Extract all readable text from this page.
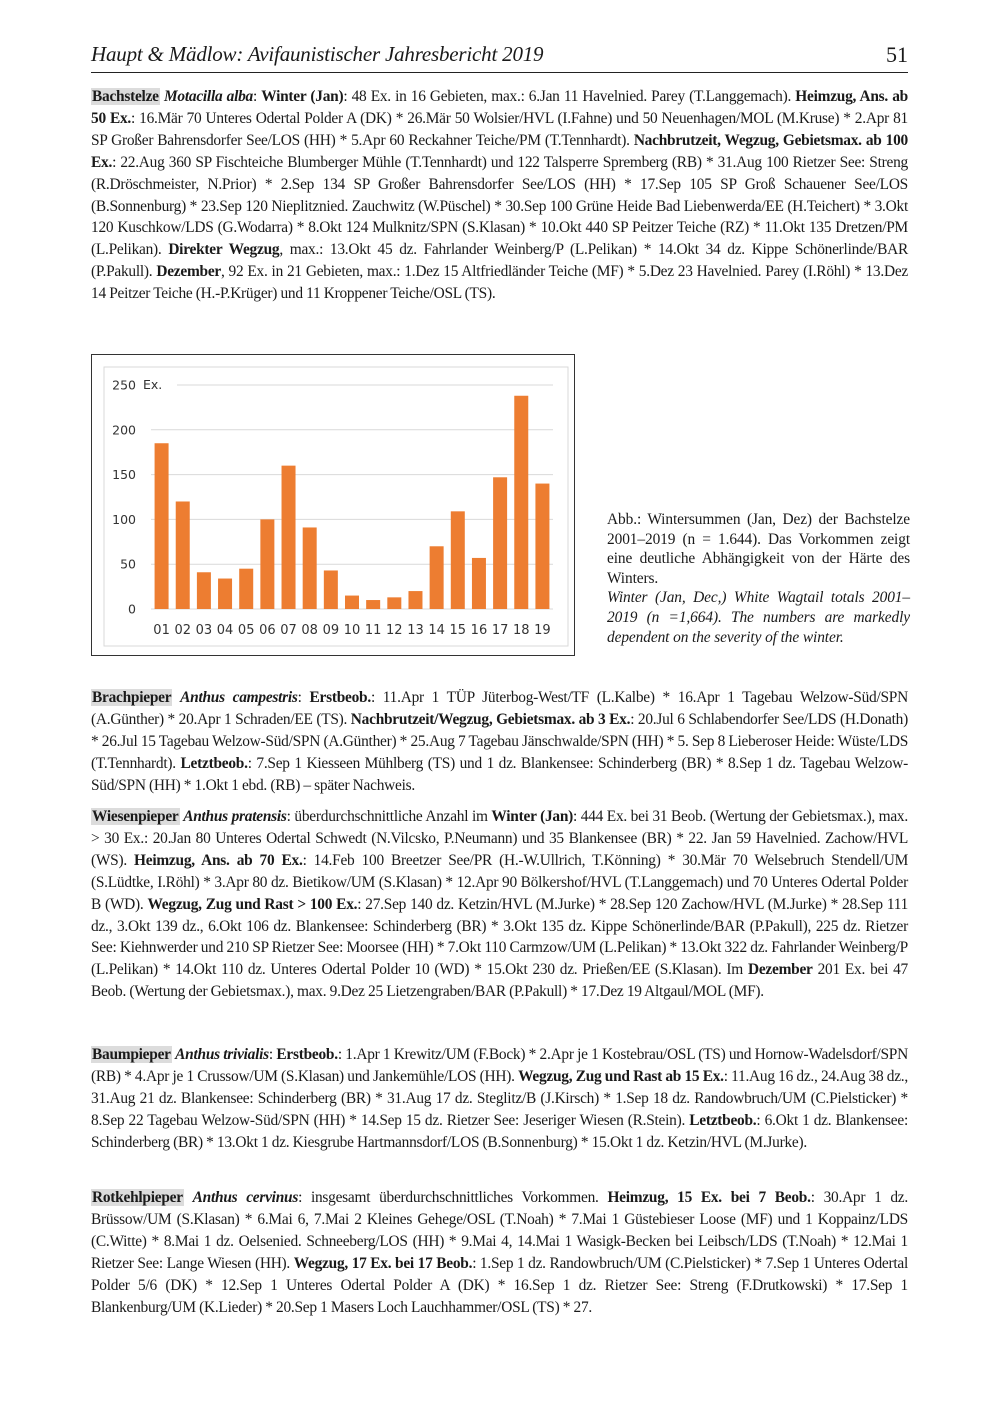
Haupt & Mädlow: Avifaunistischer Jahresbericht 2019	51

Bachstelze Motacilla alba: Winter (Jan): 48 Ex. in 16 Gebieten, max.: 6.Jan 11 Havelnied. Parey (T.Langgemach). Heimzug, Ans. ab 50 Ex.: 16.Mär 70 Unteres Odertal Polder A (DK) * 26.Mär 50 Wolsier/HVL (I.Fahne) und 50 Neuenhagen/MOL (M.Kruse) * 2.Apr 81 SP Großer Bahrensdorfer See/LOS (HH) * 5.Apr 60 Reckahner Teiche/PM (T.Tennhardt). Nachbrutzeit, Wegzug, Gebietsmax. ab 100 Ex.: 22.Aug 360 SP Fischteiche Blumberger Mühle (T.Tennhardt) und 122 Talsperre Spremberg (RB) * 31.Aug 100 Rietzer See: Streng (R.Dröschmeister, N.Prior) * 2.Sep 134 SP Großer Bahrensdorfer See/LOS (HH) * 17.Sep 105 SP Groß Schauener See/LOS (B.Sonnenburg) * 23.Sep 120 Nieplitznied. Zauchwitz (W.Püschel) * 30.Sep 100 Grüne Heide Bad Liebenwerda/EE (H.Teichert) * 3.Okt 120 Kuschkow/LDS (G.Wodarra) * 8.Okt 124 Mulknitz/SPN (S.Klasan) * 10.Okt 440 SP Peitzer Teiche (RZ) * 11.Okt 135 Dretzen/PM (L.Pelikan). Direkter Wegzug, max.: 13.Okt 45 dz. Fahrlander Weinberg/P (L.Pelikan) * 14.Okt 34 dz. Kippe Schönerlinde/BAR (P.Pakull). Dezember, 92 Ex. in 21 Gebieten, max.: 1.Dez 15 Altfriedländer Teiche (MF) * 5.Dez 23 Havelnied. Parey (I.Röhl) * 13.Dez 14 Peitzer Teiche (H.-P.Krüger) und 11 Kroppener Teiche/OSL (TS).

0
50
100
150
200
250 Ex.
01 02 03 04 05 06 07 08 09 10 11 12 13 14 15 16 17 18 19
Abb.: Wintersummen (Jan, Dez) der Bachstelze 2001–2019 (n = 1.644). Das Vorkommen zeigt eine deutliche Abhängigkeit von der Härte des Winters.
Winter (Jan, Dec,) White Wagtail totals 2001–2019 (n =1,664). The numbers are markedly dependent on the severity of the winter.

Brachpieper Anthus campestris: Erstbeob.: 11.Apr 1 TÜP Jüterbog-West/TF (L.Kalbe) * 16.Apr 1 Tagebau Welzow-Süd/SPN (A.Günther) * 20.Apr 1 Schraden/EE (TS). Nachbrutzeit/Wegzug, Gebietsmax. ab 3 Ex.: 20.Jul 6 Schlabendorfer See/LDS (H.Donath) * 26.Jul 15 Tagebau Welzow-Süd/SPN (A.Günther) * 25.Aug 7 Tagebau Jänschwalde/SPN (HH) * 5. Sep 8 Lieberoser Heide: Wüste/LDS (T.Tennhardt). Letztbeob.: 7.Sep 1 Kiesseen Mühlberg (TS) und 1 dz. Blankensee: Schinderberg (BR) * 8.Sep 1 dz. Tagebau Welzow-Süd/SPN (HH) * 1.Okt 1 ebd. (RB) – später Nachweis.

Wiesenpieper Anthus pratensis: überdurchschnittliche Anzahl im Winter (Jan): 444 Ex. bei 31 Beob. (Wertung der Gebietsmax.), max. > 30 Ex.: 20.Jan 80 Unteres Odertal Schwedt (N.Vilcsko, P.Neumann) und 35 Blankensee (BR) * 22. Jan 59 Havelnied. Zachow/HVL (WS). Heimzug, Ans. ab 70 Ex.: 14.Feb 100 Breetzer See/PR (H.-W.Ullrich, T.Könning) * 30.Mär 70 Welsebruch Stendell/UM (S.Lüdtke, I.Röhl) * 3.Apr 80 dz. Bietikow/UM (S.Klasan) * 12.Apr 90 Bölkershof/HVL (T.Langgemach) und 70 Unteres Odertal Polder B (WD). Wegzug, Zug und Rast > 100 Ex.: 27.Sep 140 dz. Ketzin/HVL (M.Jurke) * 28.Sep 120 Zachow/HVL (M.Jurke) * 28.Sep 111 dz., 3.Okt 139 dz., 6.Okt 106 dz. Blankensee: Schinderberg (BR) * 3.Okt 135 dz. Kippe Schönerlinde/BAR (P.Pakull), 225 dz. Rietzer See: Kiehnwerder und 210 SP Rietzer See: Moorsee (HH) * 7.Okt 110 Carmzow/UM (L.Pelikan) * 13.Okt 322 dz. Fahrlander Weinberg/P (L.Pelikan) * 14.Okt 110 dz. Unteres Odertal Polder 10 (WD) * 15.Okt 230 dz. Prießen/EE (S.Klasan). Im Dezember 201 Ex. bei 47 Beob. (Wertung der Gebietsmax.), max. 9.Dez 25 Lietzengraben/BAR (P.Pakull) * 17.Dez 19 Altgaul/MOL (MF).

Baumpieper Anthus trivialis: Erstbeob.: 1.Apr 1 Krewitz/UM (F.Bock) * 2.Apr je 1 Kostebrau/OSL (TS) und Hornow-Wadelsdorf/SPN (RB) * 4.Apr je 1 Crussow/UM (S.Klasan) und Jankemühle/LOS (HH). Wegzug, Zug und Rast ab 15 Ex.: 11.Aug 16 dz., 24.Aug 38 dz., 31.Aug 21 dz. Blankensee: Schinderberg (BR) * 31.Aug 17 dz. Steglitz/B (J.Kirsch) * 1.Sep 18 dz. Randowbruch/UM (C.Pielsticker) * 8.Sep 22 Tagebau Welzow-Süd/SPN (HH) * 14.Sep 15 dz. Rietzer See: Jeseriger Wiesen (R.Stein). Letztbeob.: 6.Okt 1 dz. Blankensee: Schinderberg (BR) * 13.Okt 1 dz. Kiesgrube Hartmannsdorf/LOS (B.Sonnenburg) * 15.Okt 1 dz. Ketzin/HVL (M.Jurke).

Rotkehlpieper Anthus cervinus: insgesamt überdurchschnittliches Vorkommen. Heimzug, 15 Ex. bei 7 Beob.: 30.Apr 1 dz. Brüssow/UM (S.Klasan) * 6.Mai 6, 7.Mai 2 Kleines Gehege/OSL (T.Noah) * 7.Mai 1 Güstebieser Loose (MF) und 1 Koppainz/LDS (C.Witte) * 8.Mai 1 dz. Oelsenied. Schneeberg/LOS (HH) * 9.Mai 4, 14.Mai 1 Wasigk-Becken bei Leibsch/LDS (T.Noah) * 12.Mai 1 Rietzer See: Lange Wiesen (HH). Wegzug, 17 Ex. bei 17 Beob.: 1.Sep 1 dz. Randowbruch/UM (C.Pielsticker) * 7.Sep 1 Unteres Odertal Polder 5/6 (DK) * 12.Sep 1 Unteres Odertal Polder A (DK) * 16.Sep 1 dz. Rietzer See: Streng (F.Drutkowski) * 17.Sep 1 Blankenburg/UM (K.Lieder) * 20.Sep 1 Masers Loch Lauchhammer/OSL (TS) * 27.
